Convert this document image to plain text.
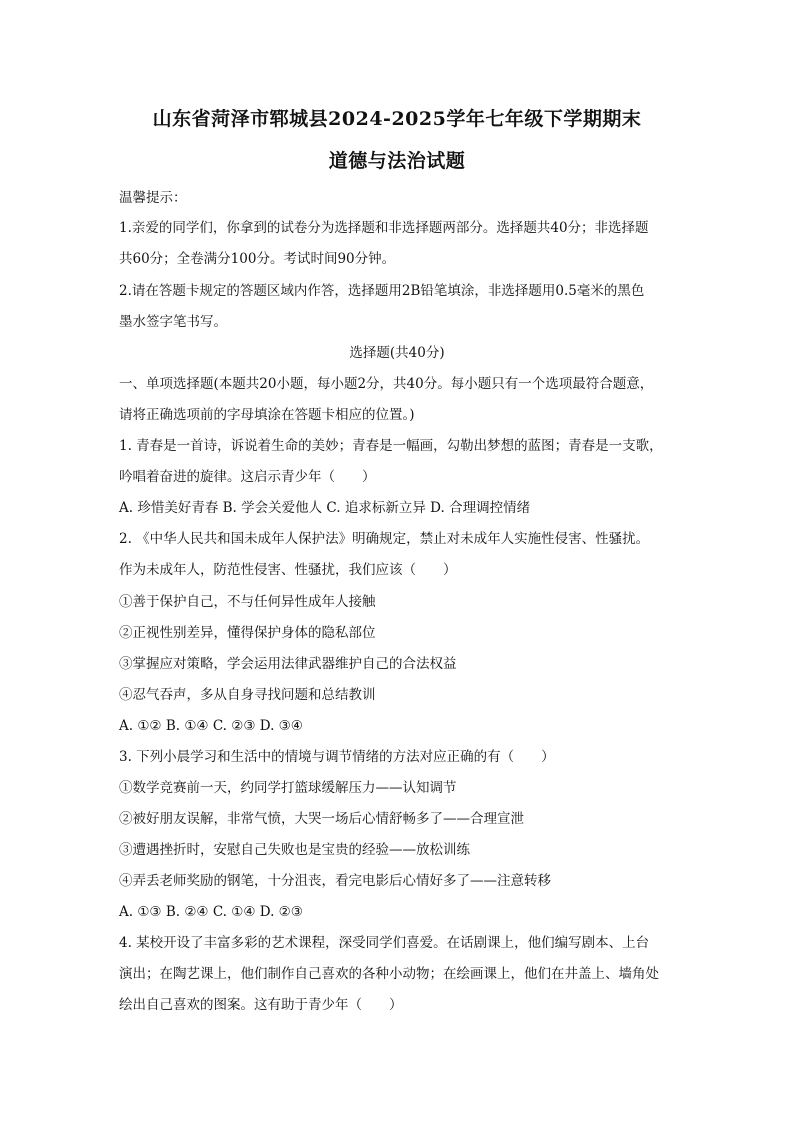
山东省菏泽市郓城县2024-2025学年七年级下学期期末
道德与法治试题
温馨提示：
1.亲爱的同学们，你拿到的试卷分为选择题和非选择题两部分。选择题共40分；非选择题
共60分；全卷满分100分。考试时间90分钟。
2.请在答题卡规定的答题区域内作答，选择题用2B铅笔填涂，非选择题用0.5毫米的黑色
墨水签字笔书写。
选择题(共40分)
一、单项选择题(本题共20小题，每小题2分，共40分。每小题只有一个选项最符合题意，
请将正确选项前的字母填涂在答题卡相应的位置。)
1. 青春是一首诗，诉说着生命的美妙；青春是一幅画，勾勒出梦想的蓝图；青春是一支歌，
吟唱着奋进的旋律。这启示青少年（　　）
A. 珍惜美好青春 B. 学会关爱他人 C. 追求标新立异 D. 合理调控情绪
2. 《中华人民共和国未成年人保护法》明确规定，禁止对未成年人实施性侵害、性骚扰。
作为未成年人，防范性侵害、性骚扰，我们应该（　　）
①善于保护自己，不与任何异性成年人接触
②正视性别差异，懂得保护身体的隐私部位
③掌握应对策略，学会运用法律武器维护自己的合法权益
④忍气吞声，多从自身寻找问题和总结教训
A. ①② B. ①④ C. ②③ D. ③④
3. 下列小晨学习和生活中的情境与调节情绪的方法对应正确的有（　　）
①数学竞赛前一天，约同学打篮球缓解压力——认知调节
②被好朋友误解，非常气愤，大哭一场后心情舒畅多了——合理宣泄
③遭遇挫折时，安慰自己失败也是宝贵的经验——放松训练
④弄丢老师奖励的钢笔，十分沮丧，看完电影后心情好多了——注意转移
A. ①③ B. ②④ C. ①④ D. ②③
4. 某校开设了丰富多彩的艺术课程，深受同学们喜爱。在话剧课上，他们编写剧本、上台
演出；在陶艺课上，他们制作自己喜欢的各种小动物；在绘画课上，他们在井盖上、墙角处
绘出自己喜欢的图案。这有助于青少年（　　）
